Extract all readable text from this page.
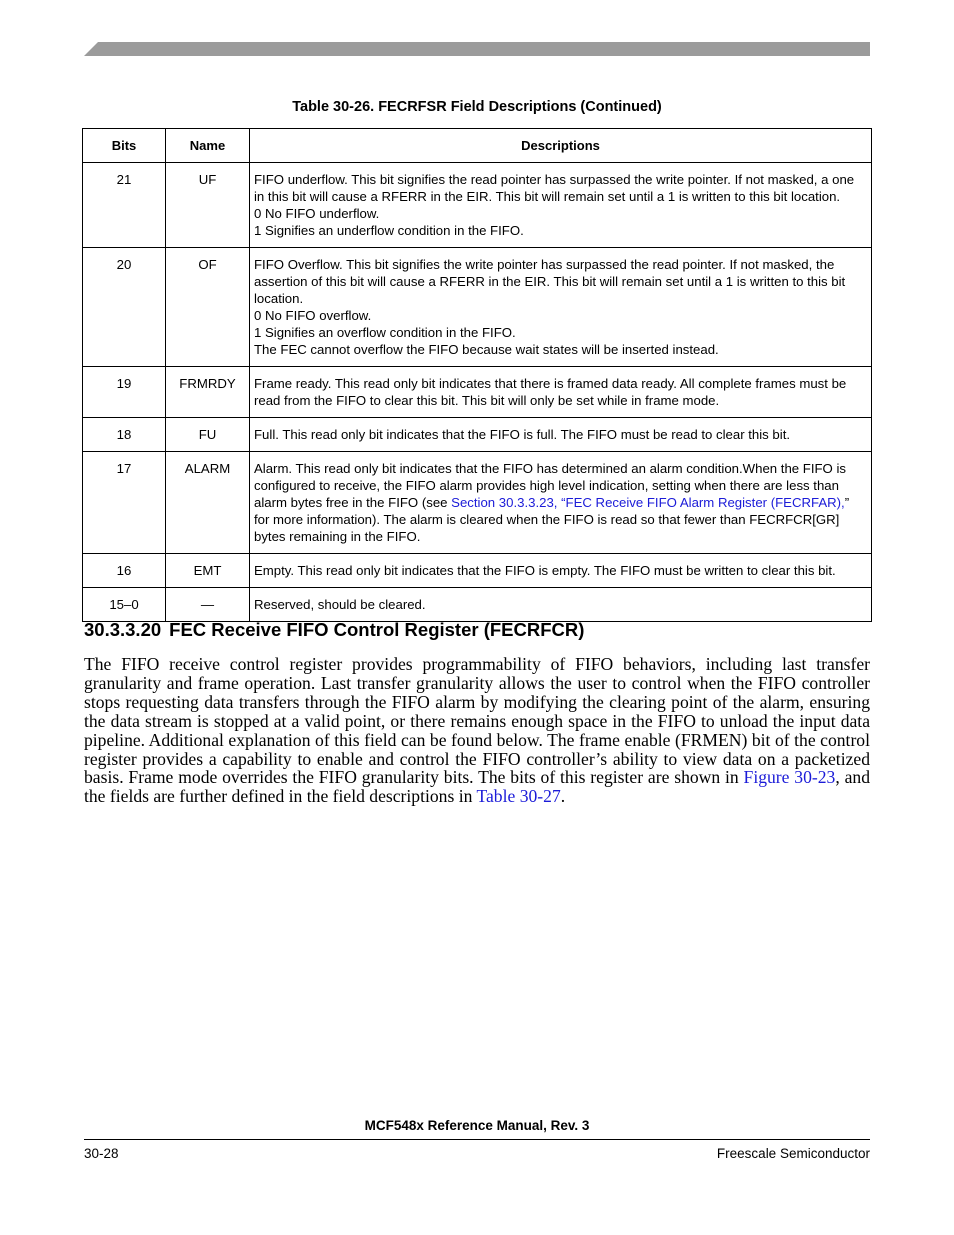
Table 30-26. FECRFSR Field Descriptions (Continued)
Bits	Name	Descriptions
21	UF	FIFO underflow. This bit signifies the read pointer has surpassed the write pointer. If not masked, a one in this bit will cause a RFERR in the EIR. This bit will remain set until a 1 is written to this bit location.
0 No FIFO underflow.
1 Signifies an underflow condition in the FIFO.

20	OF	FIFO Overflow. This bit signifies the write pointer has surpassed the read pointer. If not masked, the assertion of this bit will cause a RFERR in the EIR. This bit will remain set until a 1 is written to this bit location.
0 No FIFO overflow.
1 Signifies an overflow condition in the FIFO.
The FEC cannot overflow the FIFO because wait states will be inserted instead.

19	FRMRDY	Frame ready. This read only bit indicates that there is framed data ready. All complete frames must be read from the FIFO to clear this bit. This bit will only be set while in frame mode.

18	FU	Full. This read only bit indicates that the FIFO is full. The FIFO must be read to clear this bit.

17	ALARM	Alarm. This read only bit indicates that the FIFO has determined an alarm condition.When the FIFO is configured to receive, the FIFO alarm provides high level indication, setting when there are less than alarm bytes free in the FIFO (see Section 30.3.3.23, “FEC Receive FIFO Alarm Register (FECRFAR),” for more information). The alarm is cleared when the FIFO is read so that fewer than FECRFCR[GR] bytes remaining in the FIFO.
16	EMT	Empty. This read only bit indicates that the FIFO is empty. The FIFO must be written to clear this bit.

15–0	—	Reserved, should be cleared.
30.3.3.20 FEC Receive FIFO Control Register (FECRFCR)
The FIFO receive control register provides programmability of FIFO behaviors, including last transfer granularity and frame operation. Last transfer granularity allows the user to control when the FIFO controller stops requesting data transfers through the FIFO alarm by modifying the clearing point of the alarm, ensuring the data stream is stopped at a valid point, or there remains enough space in the FIFO to unload the input data pipeline. Additional explanation of this field can be found below. The frame enable (FRMEN) bit of the control register provides a capability to enable and control the FIFO controller’s ability to view data on a packetized basis. Frame mode overrides the FIFO granularity bits. The bits of this register are shown in Figure 30-23, and the fields are further defined in the field descriptions in Table 30-27.
MCF548x Reference Manual, Rev. 3
30-28	Freescale Semiconductor
